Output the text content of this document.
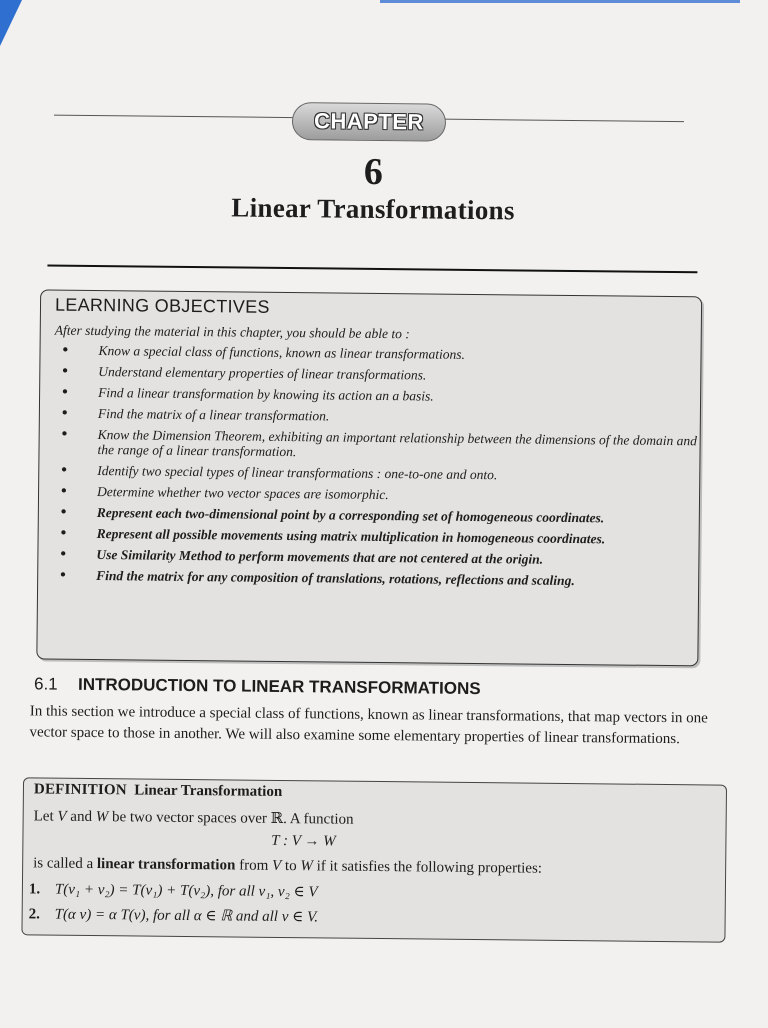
CHAPTER
6
Linear Transformations
LEARNING OBJECTIVES
After studying the material in this chapter, you should be able to :
• Know a special class of functions, known as linear transformations.
• Understand elementary properties of linear transformations.
• Find a linear transformation by knowing its action an a basis.
• Find the matrix of a linear transformation.
• Know the Dimension Theorem, exhibiting an important relationship between the dimensions of the domain and the range of a linear transformation.
• Identify two special types of linear transformations : one-to-one and onto.
• Determine whether two vector spaces are isomorphic.
• Represent each two-dimensional point by a corresponding set of homogeneous coordinates.
• Represent all possible movements using matrix multiplication in homogeneous coordinates.
• Use Similarity Method to perform movements that are not centered at the origin.
• Find the matrix for any composition of translations, rotations, reflections and scaling.
6.1 INTRODUCTION TO LINEAR TRANSFORMATIONS
In this section we introduce a special class of functions, known as linear transformations, that map vectors in one vector space to those in another. We will also examine some elementary properties of linear transformations.
DEFINITION Linear Transformation
Let V and W be two vector spaces over ℝ. A function
T : V → W
is called a linear transformation from V to W if it satisfies the following properties:
1. T(v₁ + v₂) = T(v₁) + T(v₂), for all v₁, v₂ ∈ V
2. T(α v) = α T(v), for all α ∈ ℝ and all v ∈ V.
